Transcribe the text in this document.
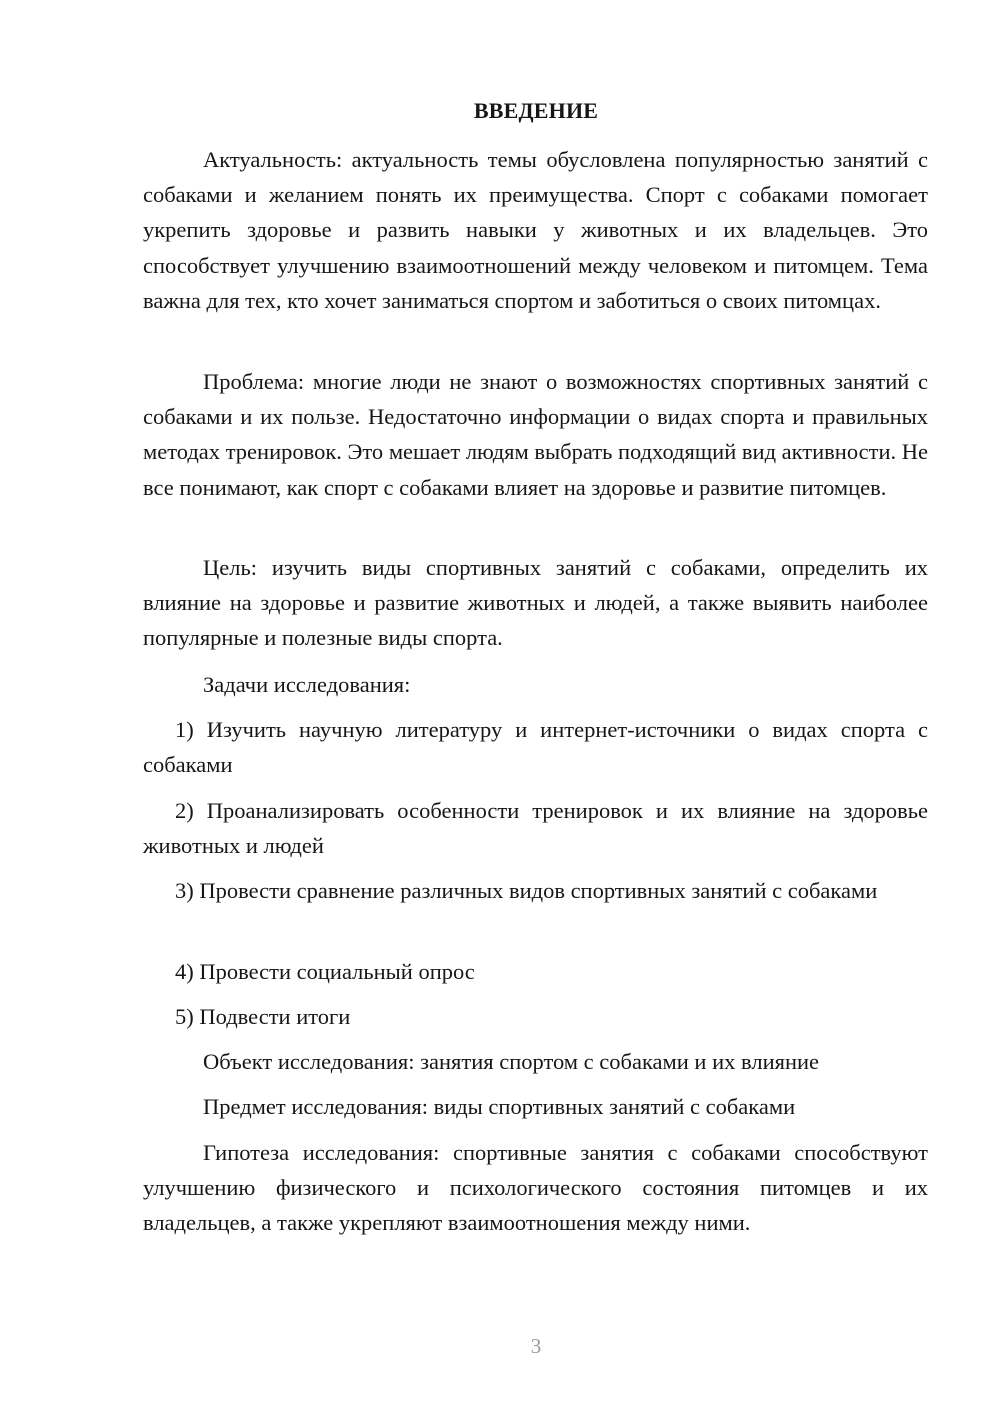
ВВЕДЕНИЕ

Актуальность: актуальность темы обусловлена популярностью занятий с собаками и желанием понять их преимущества. Спорт с собаками помогает укрепить здоровье и развить навыки у животных и их владельцев. Это способствует улучшению взаимоотношений между человеком и питомцем. Тема важна для тех, кто хочет заниматься спортом и заботиться о своих питомцах.

Проблема: многие люди не знают о возможностях спортивных занятий с собаками и их пользе. Недостаточно информации о видах спорта и правильных методах тренировок. Это мешает людям выбрать подходящий вид активности. Не все понимают, как спорт с собаками влияет на здоровье и развитие питомцев.

Цель: изучить виды спортивных занятий с собаками, определить их влияние на здоровье и развитие животных и людей, а также выявить наиболее популярные и полезные виды спорта.

Задачи исследования:

1) Изучить научную литературу и интернет-источники о видах спорта с собаками

2) Проанализировать особенности тренировок и их влияние на здоровье животных и людей

3) Провести сравнение различных видов спортивных занятий с собаками

4) Провести социальный опрос

5) Подвести итоги

Объект исследования: занятия спортом с собаками и их влияние

Предмет исследования: виды спортивных занятий с собаками

Гипотеза исследования: спортивные занятия с собаками способствуют улучшению физического и психологического состояния питомцев и их владельцев, а также укрепляют взаимоотношения между ними.

3
